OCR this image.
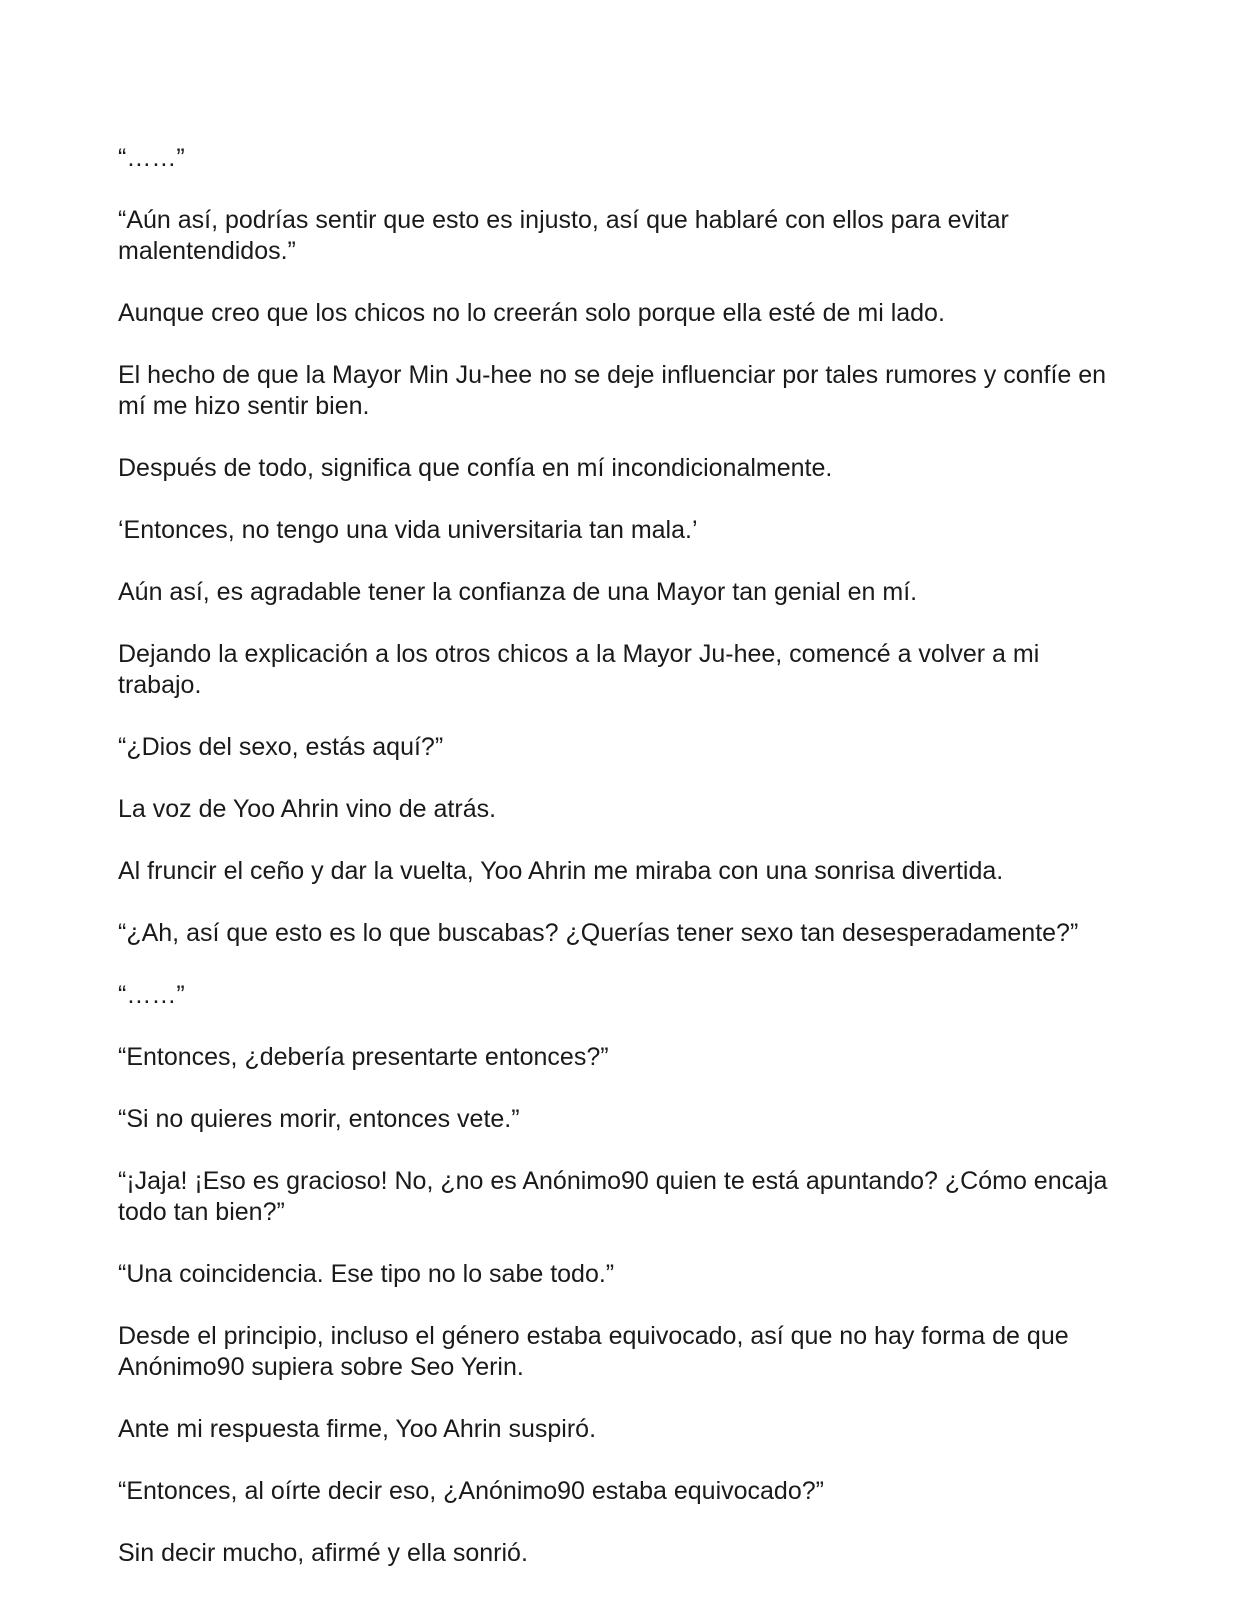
“……”

“Aún así, podrías sentir que esto es injusto, así que hablaré con ellos para evitar malentendidos.”

Aunque creo que los chicos no lo creerán solo porque ella esté de mi lado.

El hecho de que la Mayor Min Ju-hee no se deje influenciar por tales rumores y confíe en mí me hizo sentir bien.

Después de todo, significa que confía en mí incondicionalmente.

‘Entonces, no tengo una vida universitaria tan mala.’

Aún así, es agradable tener la confianza de una Mayor tan genial en mí.

Dejando la explicación a los otros chicos a la Mayor Ju-hee, comencé a volver a mi trabajo.

“¿Dios del sexo, estás aquí?”

La voz de Yoo Ahrin vino de atrás.

Al fruncir el ceño y dar la vuelta, Yoo Ahrin me miraba con una sonrisa divertida.

“¿Ah, así que esto es lo que buscabas? ¿Querías tener sexo tan desesperadamente?”

“……”

“Entonces, ¿debería presentarte entonces?”

“Si no quieres morir, entonces vete.”

“¡Jaja! ¡Eso es gracioso! No, ¿no es Anónimo90 quien te está apuntando? ¿Cómo encaja todo tan bien?”

“Una coincidencia. Ese tipo no lo sabe todo.”

Desde el principio, incluso el género estaba equivocado, así que no hay forma de que Anónimo90 supiera sobre Seo Yerin.

Ante mi respuesta firme, Yoo Ahrin suspiró.

“Entonces, al oírte decir eso, ¿Anónimo90 estaba equivocado?”

Sin decir mucho, afirmé y ella sonrió.
